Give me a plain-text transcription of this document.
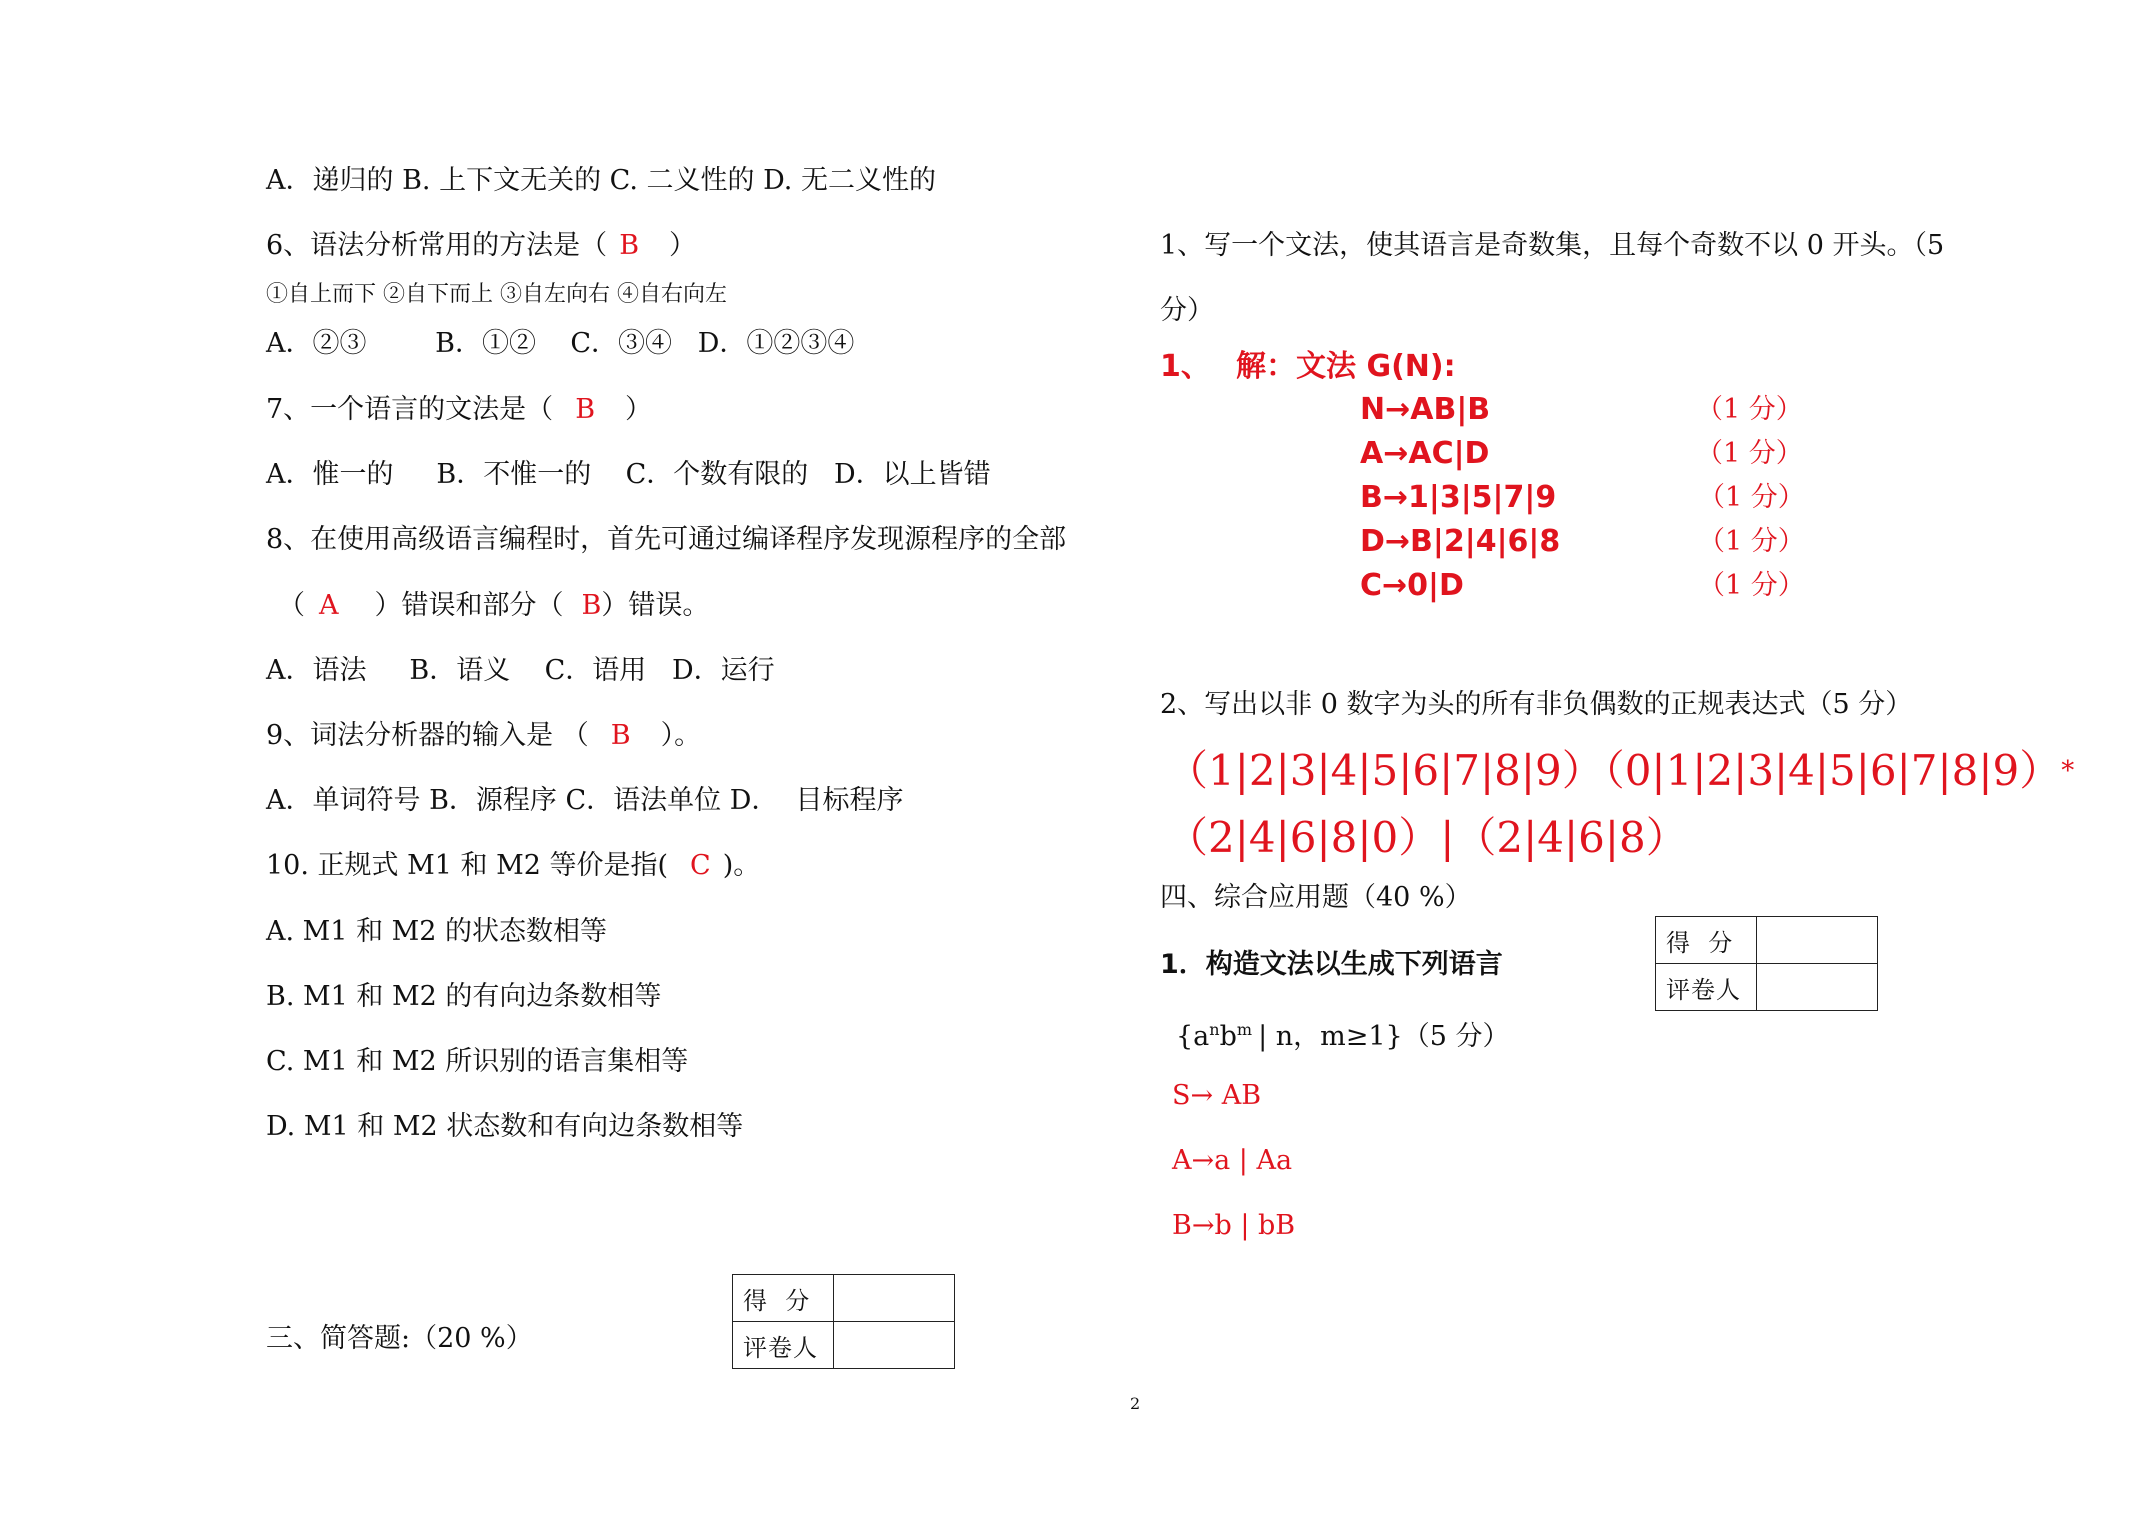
A．递归的 B. 上下文无关的 C. 二义性的 D. 无二义性的
6、语法分析常用的方法是（ B ）
①自上而下 ②自下而上 ③自左向右 ④自右向左
A．②③        B．①②    C．③④   D．①②③④
7、一个语言的文法是（ B ）
A．惟一的     B．不惟一的    C．个数有限的   D．以上皆错
8、在使用高级语言编程时，首先可通过编译程序发现源程序的全部
（ A ）错误和部分（ B）错误。
A．语法     B．语义    C．语用   D．运行
9、词法分析器的输入是 （ B ）。
A．单词符号 B．源程序 C．语法单位 D．  目标程序
10. 正规式 M1 和 M2 等价是指( C )。
A. M1 和 M2 的状态数相等
B. M1 和 M2 的有向边条数相等
C. M1 和 M2 所识别的语言集相等
D. M1 和 M2 状态数和有向边条数相等
三、简答题:（20 %）
得  分	
评卷人	
1、写一个文法，使其语言是奇数集，且每个奇数不以 0 开头。（5
分）
1、 解：文法 G(N):
N→AB|B	（1 分）
A→AC|D	（1 分）
B→1|3|5|7|9	（1 分）
D→B|2|4|6|8	（1 分）
C→0|D	（1 分）
2、写出以非 0 数字为头的所有非负偶数的正规表达式（5 分）
（1|2|3|4|5|6|7|8|9）（0|1|2|3|4|5|6|7|8|9）*
（2|4|6|8|0）|（2|4|6|8）
四、综合应用题（40 %）
得  分	
评卷人	
1．构造文法以生成下列语言
{$a^nb^m$ | n，m≥1}（5 分）
S→ AB
A→a | Aa
B→b | bB
2
